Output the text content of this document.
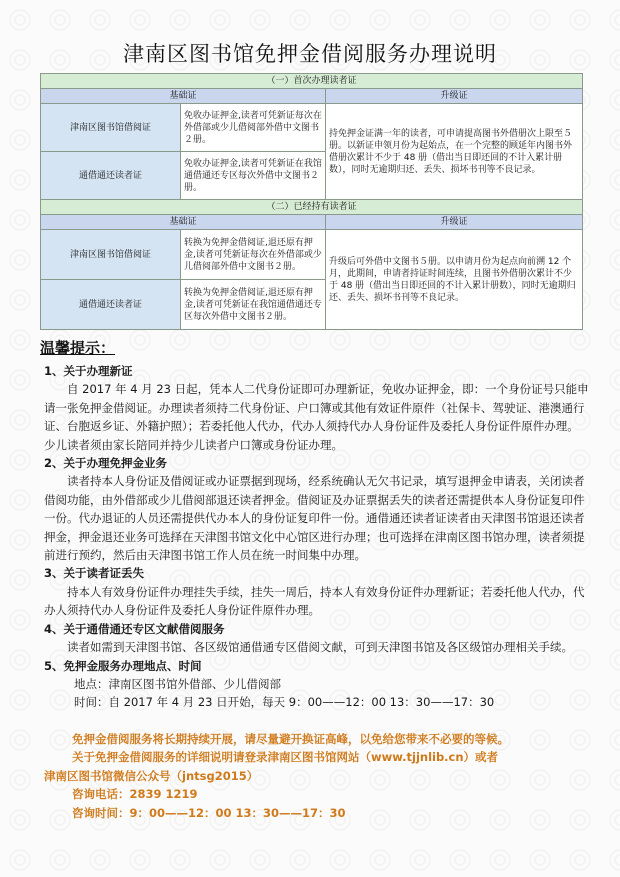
津南区图书馆免押金借阅服务办理说明
（一）首次办理读者证		
基础证		升级证
津南区图书馆借阅证	免收办证押金,读者可凭新证每次在外借部或少儿借阅部外借中文图书２册。	持免押金证满一年的读者，可申请提高图书外借册次上限至５册。以新证申领月份为起始点，在一个完整的顾延年内图书外借册次累计不少于 48 册（借出当日即还回的不计入累计册数），同时无逾期归还、丢失、损坏书刊等不良记录。
通借通还读者证	免收办证押金,读者可凭新证在我馆通借通还专区每次外借中文图书２册。	
（二）已经持有读者证		
基础证		升级证
津南区图书馆借阅证	转换为免押金借阅证,退还原有押金,读者可凭新证每次在外借部或少儿借阅部外借中文图书２册。	升级后可外借中文图书５册。以申请月份为起点向前溯 12 个月，此期间，申请者持证时间连续，且图书外借册次累计不少于 48 册（借出当日即还回的不计入累计册数），同时无逾期归还、丢失、损坏书刊等不良记录。
通借通还读者证	转换为免押金借阅证,退还原有押金,读者可凭新证在我馆通借通还专区每次外借中文图书２册。	
温馨提示：
1、关于办理新证
自 2017 年 4 月 23 日起，凭本人二代身份证即可办理新证，免收办证押金，即：一个身份证号只能申请一张免押金借阅证。办理读者须持二代身份证、户口簿或其他有效证件原件（社保卡、驾驶证、港澳通行证、台胞返乡证、外籍护照）；若委托他人代办，代办人须持代办人身份证件及委托人身份证件原件办理。少儿读者须由家长陪同并持少儿读者户口簿或身份证办理。
2、关于办理免押金业务
读者持本人身份证及借阅证或办证票据到现场，经系统确认无欠书记录，填写退押金申请表，关闭读者借阅功能，由外借部或少儿借阅部退还读者押金。借阅证及办证票据丢失的读者还需提供本人身份证复印件一份。代办退证的人员还需提供代办本人的身份证复印件一份。通借通还读者证读者由天津图书馆退还读者押金，押金退还业务可选择在天津图书馆文化中心馆区进行办理；也可选择在津南区图书馆办理，读者须提前进行预约，然后由天津图书馆工作人员在统一时间集中办理。
3、关于读者证丢失
持本人有效身份证件办理挂失手续，挂失一周后，持本人有效身份证件办理新证；若委托他人代办，代办人须持代办人身份证件及委托人身份证件原件办理。
4、关于通借通还专区文献借阅服务
读者如需到天津图书馆、各区级馆通借通专区借阅文献，可到天津图书馆及各区级馆办理相关手续。
5、免押金服务办理地点、时间
地点：津南区图书馆外借部、少儿借阅部
时间：自 2017 年 4 月 23 日开始，每天 9：00——12：00 13：30——17：30
免押金借阅服务将长期持续开展，请尽量避开换证高峰，以免给您带来不必要的等候。
关于免押金借阅服务的详细说明请登录津南区图书馆网站（www.tjjnlib.cn）或者
津南区图书馆微信公众号（jntsg2015）
咨询电话：2839 1219
咨询时间：9：00——12：00 13：30——17：30
